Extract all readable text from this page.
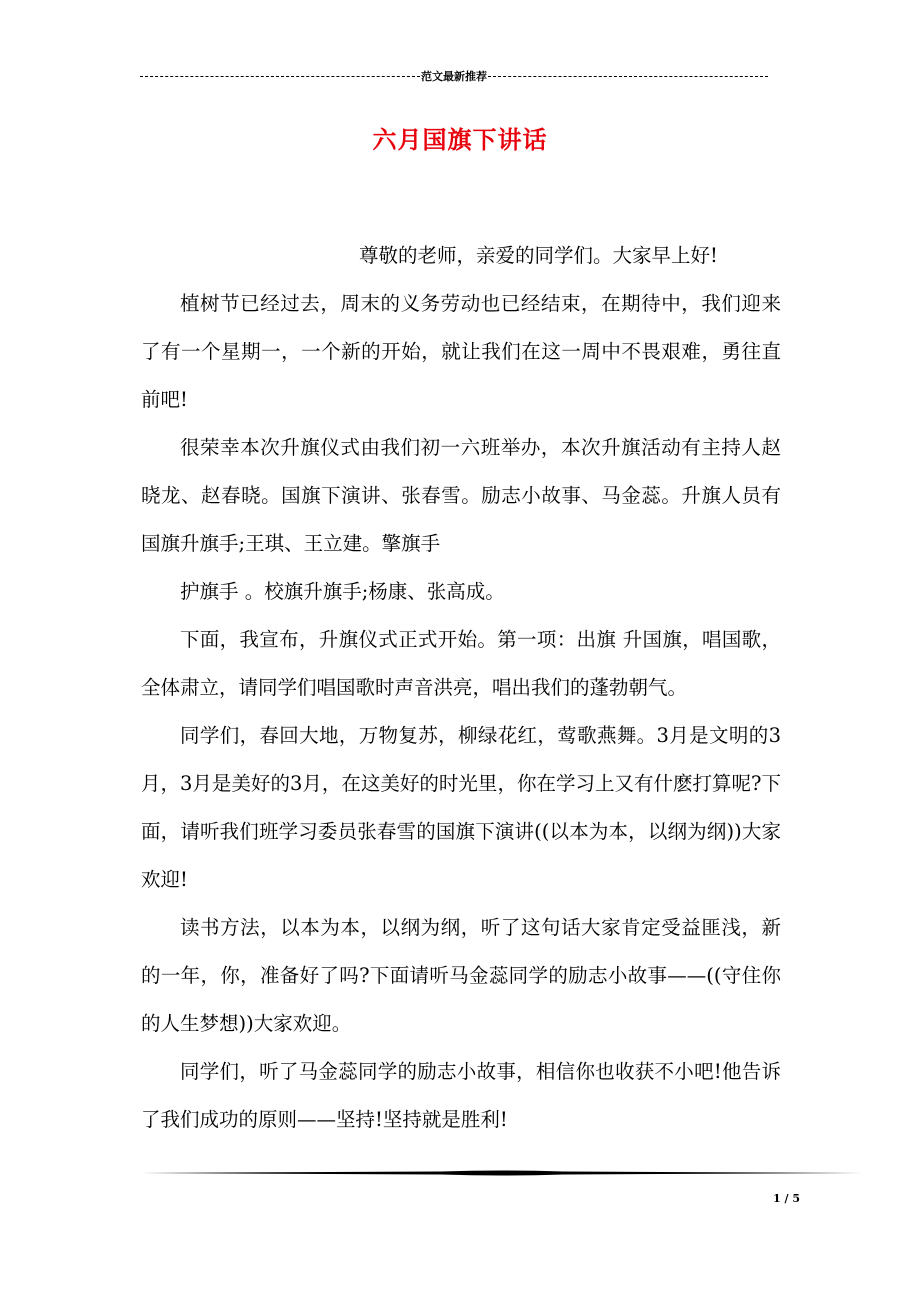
范文最新推荐
六月国旗下讲话

尊敬的老师，亲爱的同学们。大家早上好!

植树节已经过去，周末的义务劳动也已经结束，在期待中，我们迎来了有一个星期一，一个新的开始，就让我们在这一周中不畏艰难，勇往直前吧!

很荣幸本次升旗仪式由我们初一六班举办，本次升旗活动有主持人赵晓龙、赵春晓。国旗下演讲、张春雪。励志小故事、马金蕊。升旗人员有国旗升旗手;王琪、王立建。擎旗手

护旗手 。校旗升旗手;杨康、张高成。

下面，我宣布，升旗仪式正式开始。第一项：出旗 升国旗，唱国歌，全体肃立，请同学们唱国歌时声音洪亮，唱出我们的蓬勃朝气。

同学们，春回大地，万物复苏，柳绿花红，莺歌燕舞。3月是文明的3月，3月是美好的3月，在这美好的时光里，你在学习上又有什麽打算呢?下面，请听我们班学习委员张春雪的国旗下演讲((以本为本，以纲为纲))大家欢迎!

读书方法，以本为本，以纲为纲，听了这句话大家肯定受益匪浅，新的一年，你，准备好了吗?下面请听马金蕊同学的励志小故事——((守住你的人生梦想))大家欢迎。

同学们，听了马金蕊同学的励志小故事，相信你也收获不小吧!他告诉了我们成功的原则——坚持!坚持就是胜利!

1 / 5
